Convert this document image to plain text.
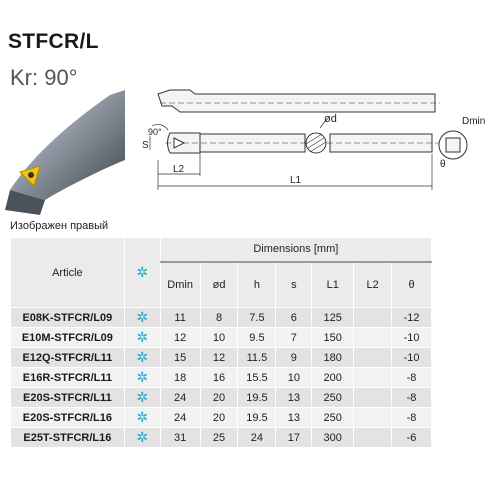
STFCR/L
Kr: 90°
90°
S
L2
L1
ød	Dmin
θ
Изображен правый
Article	✲	Dimensions [mm]						
		Dmin	ød	h	s	L1	L2	θ
E08K-STFCR/L09	✲	11	8	7.5	6	125		-12
E10M-STFCR/L09	✲	12	10	9.5	7	150		-10
E12Q-STFCR/L11	✲	15	12	11.5	9	180		-10
E16R-STFCR/L11	✲	18	16	15.5	10	200		-8
E20S-STFCR/L11	✲	24	20	19.5	13	250		-8
E20S-STFCR/L16	✲	24	20	19.5	13	250		-8
E25T-STFCR/L16	✲	31	25	24	17	300		-6
